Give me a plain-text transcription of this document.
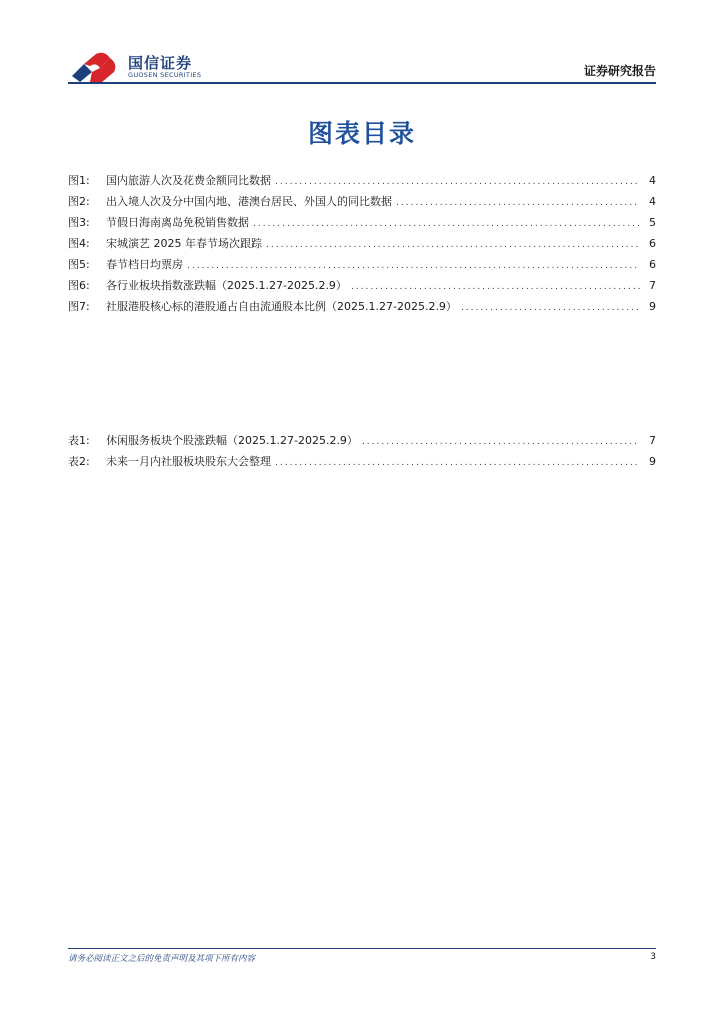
国信证券
GUOSEN SECURITIES	证券研究报告
图表目录
图1:	国内旅游人次及花费金额同比数据 .....	4
图2:	出入境人次及分中国内地、港澳台居民、外国人的同比数据 .....	4
图3:	节假日海南离岛免税销售数据 .....	5
图4:	宋城演艺 2025 年春节场次跟踪 .....	6
图5:	春节档日均票房 .....	6
图6:	各行业板块指数涨跌幅（2025.1.27-2025.2.9） .....	7
图7:	社服港股核心标的港股通占自由流通股本比例（2025.1.27-2025.2.9） .....	9
表1:	休闲服务板块个股涨跌幅（2025.1.27-2025.2.9） .....	7
表2:	未来一月内社服板块股东大会整理 .....	9
请务必阅读正文之后的免责声明及其项下所有内容	3
